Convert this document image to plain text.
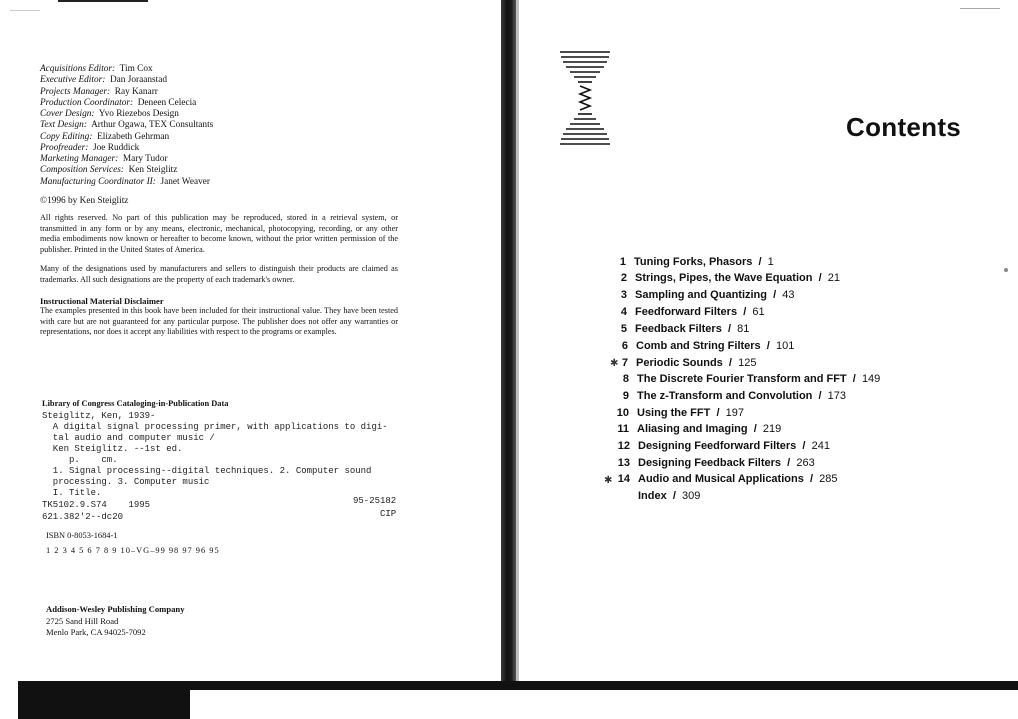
Acquisitions Editor: Tim Cox
Executive Editor: Dan Joraanstad
Projects Manager: Ray Kanarr
Production Coordinator: Deneen Celecia
Cover Design: Yvo Riezebos Design
Text Design: Arthur Ogawa, TEX Consultants
Copy Editing: Elizabeth Gehrman
Proofreader: Joe Ruddick
Marketing Manager: Mary Tudor
Composition Services: Ken Steiglitz
Manufacturing Coordinator II: Janet Weaver
©1996 by Ken Steiglitz
All rights reserved. No part of this publication may be reproduced, stored in a retrieval system, or transmitted in any form or by any means, electronic, mechanical, photocopying, recording, or any other media embodiments now known or hereafter to become known, without the prior written permission of the publisher. Printed in the United States of America.
Many of the designations used by manufacturers and sellers to distinguish their products are claimed as trademarks. All such designations are the property of each trademark's owner.
Instructional Material Disclaimer
The examples presented in this book have been included for their instructional value. They have been tested with care but are not guaranteed for any particular purpose. The publisher does not offer any warranties or representations, nor does it accept any liabilities with respect to the programs or examples.
Library of Congress Cataloging-in-Publication Data
Steiglitz, Ken, 1939-
A digital signal processing primer, with applications to digi-
tal audio and computer music /
Ken Steiglitz. --1st ed.
p.    cm.
1. Signal processing--digital techniques. 2. Computer sound
processing. 3. Computer music
I. Title.
TK5102.9.S74    1995	95-25182
621.382'2--dc20	CIP
ISBN 0-8053-1684-1
1 2 3 4 5 6 7 8 9 10–VG–99 98 97 96 95
Addison-Wesley Publishing Company
2725 Sand Hill Road
Menlo Park, CA 94025-7092
Contents
1 Tuning Forks, Phasors  /  1
2 Strings, Pipes, the Wave Equation  /  21
3 Sampling and Quantizing  /  43
4 Feedforward Filters  /  61
5 Feedback Filters  /  81
6 Comb and String Filters  /  101
7 Periodic Sounds  /  125
8 The Discrete Fourier Transform and FFT  /  149
9 The z-Transform and Convolution  /  173
10 Using the FFT  /  197
11 Aliasing and Imaging  /  219
12 Designing Feedforward Filters  /  241
13 Designing Feedback Filters  /  263
14 Audio and Musical Applications  /  285
Index  /  309
✱
✱
